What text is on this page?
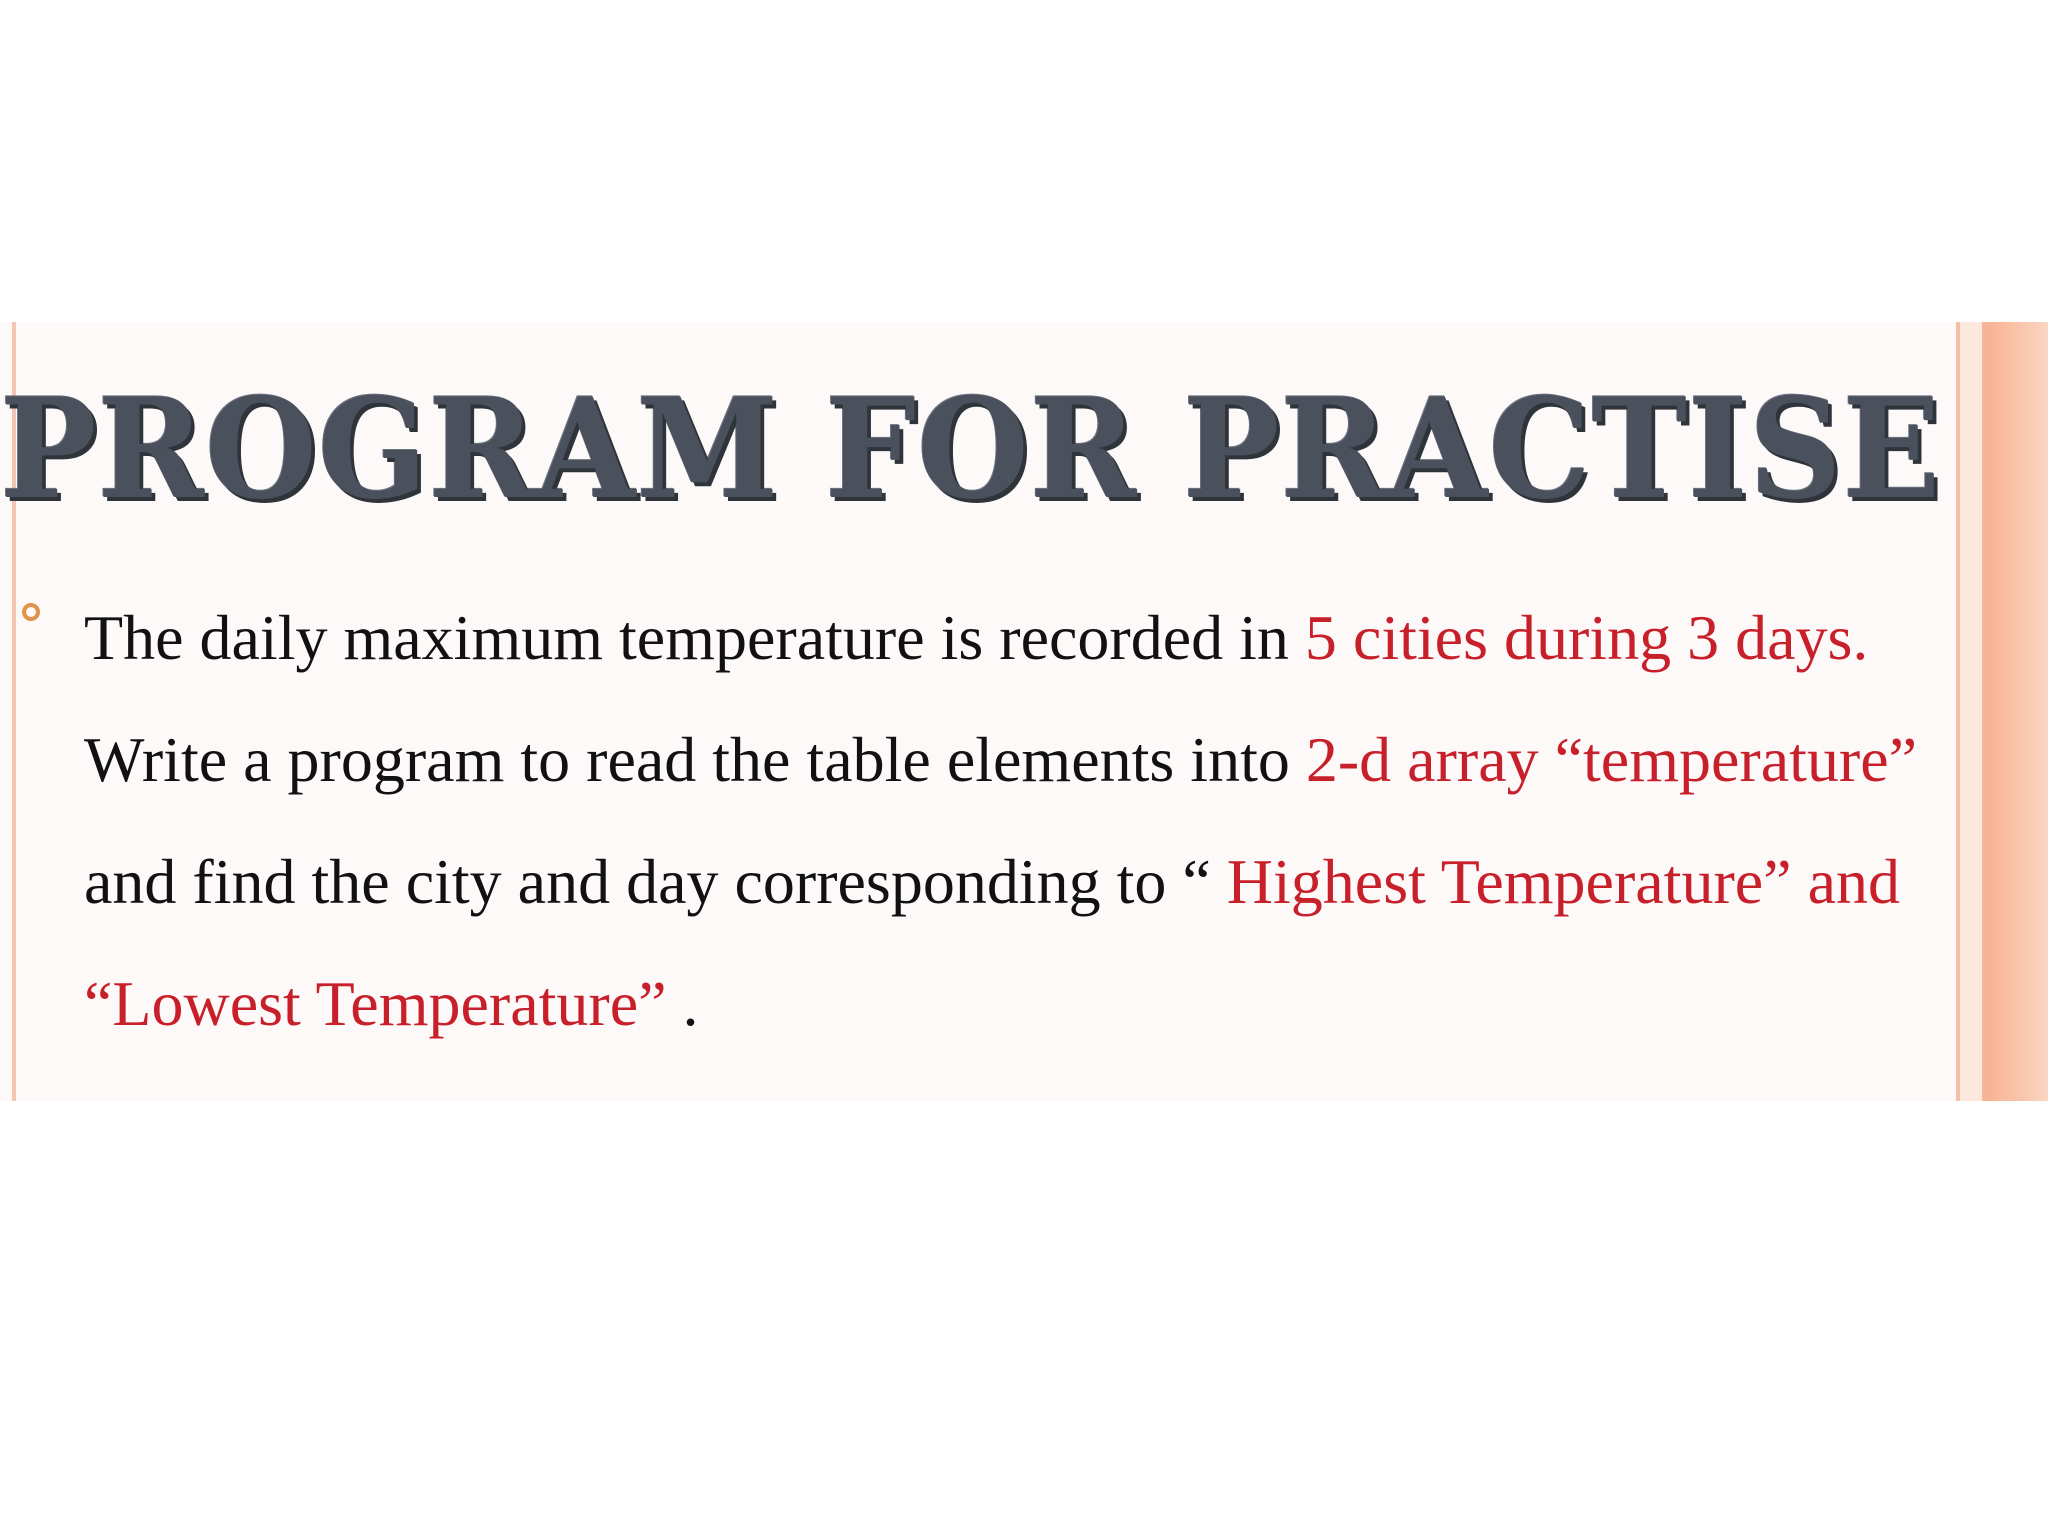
PROGRAM FOR PRACTISE

The daily maximum temperature is recorded in 5 cities during 3 days. Write a program to read the table elements into 2-d array “temperature” and find the city and day corresponding to “ Highest Temperature” and “Lowest Temperature” .
